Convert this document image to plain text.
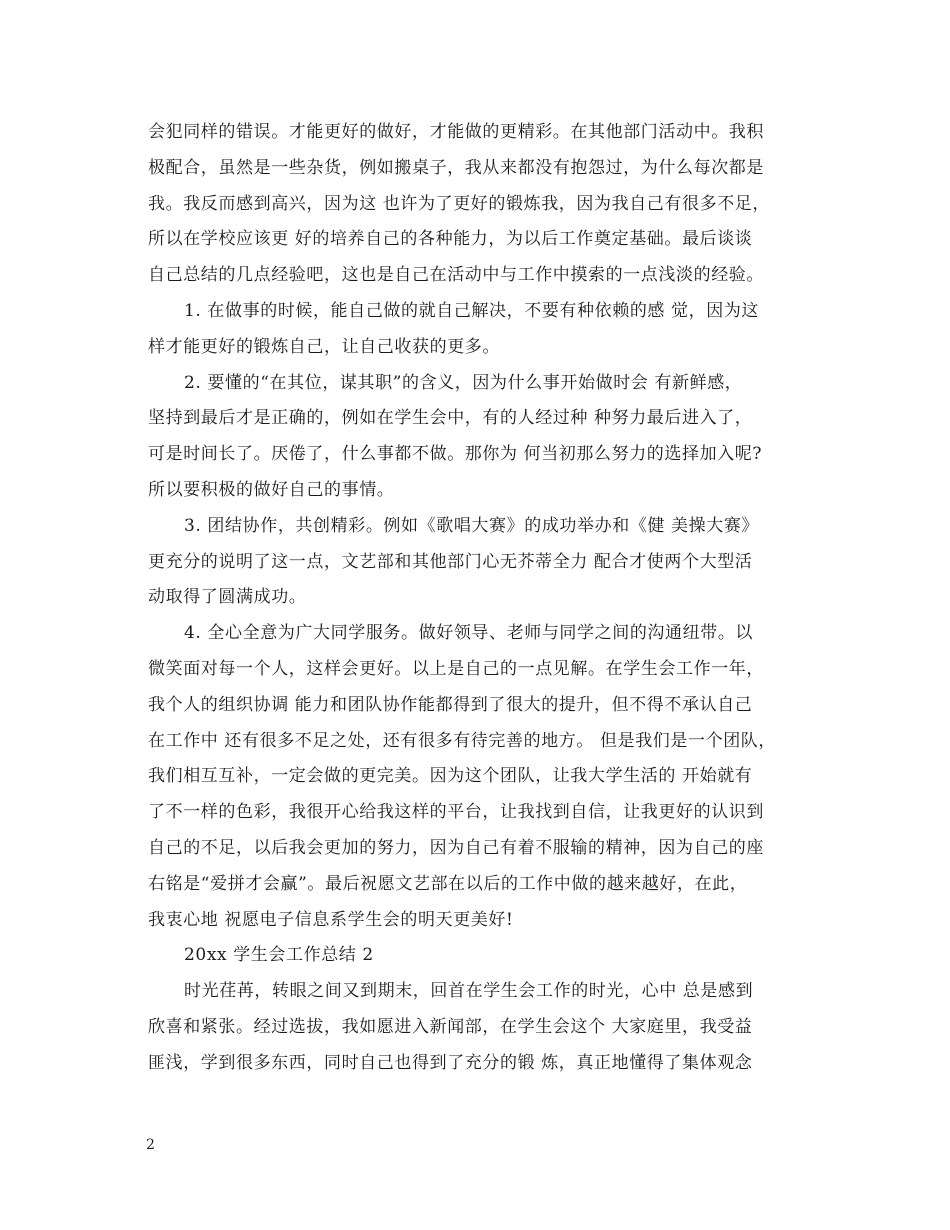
会犯同样的错误。才能更好的做好，才能做的更精彩。在其他部门活动中。我积
极配合，虽然是一些杂货，例如搬桌子，我从来都没有抱怨过，为什么每次都是
我。我反而感到高兴，因为这 也许为了更好的锻炼我，因为我自己有很多不足，
所以在学校应该更 好的培养自己的各种能力，为以后工作奠定基础。最后谈谈
自己总结的几点经验吧，这也是自己在活动中与工作中摸索的一点浅淡的经验。
1. 在做事的时候，能自己做的就自己解决，不要有种依赖的感 觉，因为这
样才能更好的锻炼自己，让自己收获的更多。
2. 要懂的“在其位，谋其职”的含义，因为什么事开始做时会 有新鲜感，
坚持到最后才是正确的，例如在学生会中，有的人经过种 种努力最后进入了，
可是时间长了。厌倦了，什么事都不做。那你为 何当初那么努力的选择加入呢?
所以要积极的做好自己的事情。
3. 团结协作，共创精彩。例如《歌唱大赛》的成功举办和《健 美操大赛》
更充分的说明了这一点，文艺部和其他部门心无芥蒂全力 配合才使两个大型活
动取得了圆满成功。
4. 全心全意为广大同学服务。做好领导、老师与同学之间的沟通纽带。以
微笑面对每一个人，这样会更好。以上是自己的一点见解。在学生会工作一年，
我个人的组织协调 能力和团队协作能都得到了很大的提升，但不得不承认自己
在工作中 还有很多不足之处，还有很多有待完善的地方。 但是我们是一个团队，
我们相互互补，一定会做的更完美。因为这个团队，让我大学生活的 开始就有
了不一样的色彩，我很开心给我这样的平台，让我找到自信，让我更好的认识到
自己的不足，以后我会更加的努力，因为自己有着不服输的精神，因为自己的座
右铭是“爱拼才会赢”。最后祝愿文艺部在以后的工作中做的越来越好，在此，
我衷心地 祝愿电子信息系学生会的明天更美好!
20xx 学生会工作总结 2
时光荏苒，转眼之间又到期末，回首在学生会工作的时光，心中 总是感到
欣喜和紧张。经过选拔，我如愿进入新闻部，在学生会这个 大家庭里，我受益
匪浅，学到很多东西，同时自己也得到了充分的锻 炼，真正地懂得了集体观念
2
